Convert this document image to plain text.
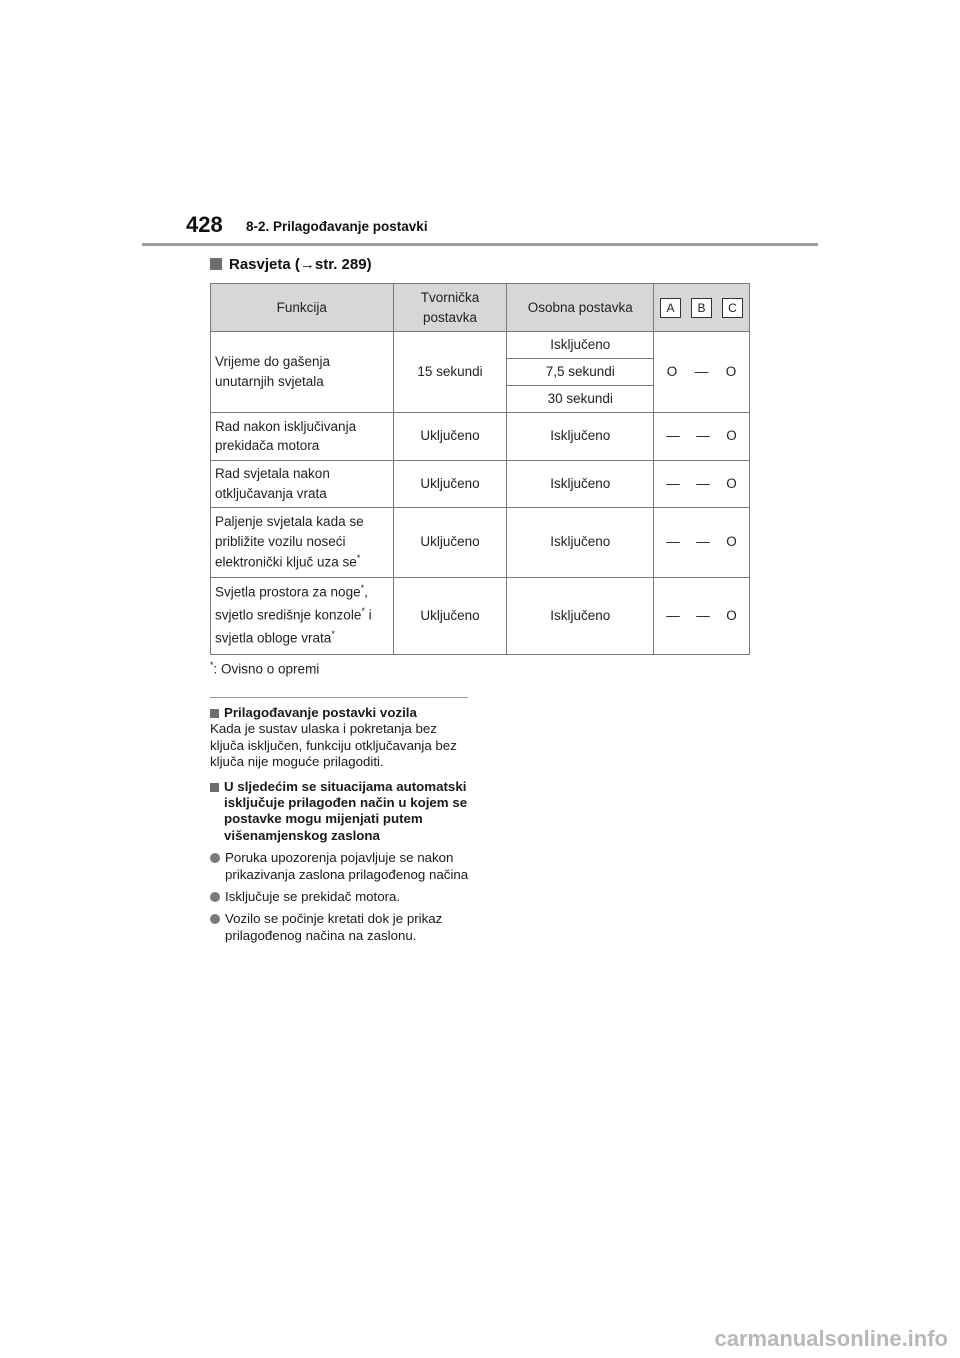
428 8-2. Prilagođavanje postavki
Rasvjeta (→str. 289)
Funkcija	Tvornička postavka	Osobna postavka	A B C

Vrijeme do gašenja unutarnjih svjetala	15 sekundi	Isključeno	O — O

		7,5 sekundi	
		30 sekundi	
Rad nakon isključivanja prekidača motora	Uključeno	Isključeno	— — O

Rad svjetala nakon otključavanja vrata	Uključeno	Isključeno	— — O

Paljenje svjetala kada se približite vozilu noseći elektronički ključ uza se*	Uključeno	Isključeno	— — O

Svjetla prostora za noge*, svjetlo središnje konzole* i svjetla obloge vrata*	Uključeno	Isključeno	— — O
*: Ovisno o opremi
Prilagođavanje postavki vozila
Kada je sustav ulaska i pokretanja bez ključa isključen, funkciju otključavanja bez ključa nije moguće prilagoditi.
U sljedećim se situacijama automatski isključuje prilagođen način u kojem se postavke mogu mijenjati putem višenamjenskog zaslona
Poruka upozorenja pojavljuje se nakon prikazivanja zaslona prilagođenog načina
Isključuje se prekidač motora.
Vozilo se počinje kretati dok je prikaz prilagođenog načina na zaslonu.
carmanualsonline.info
